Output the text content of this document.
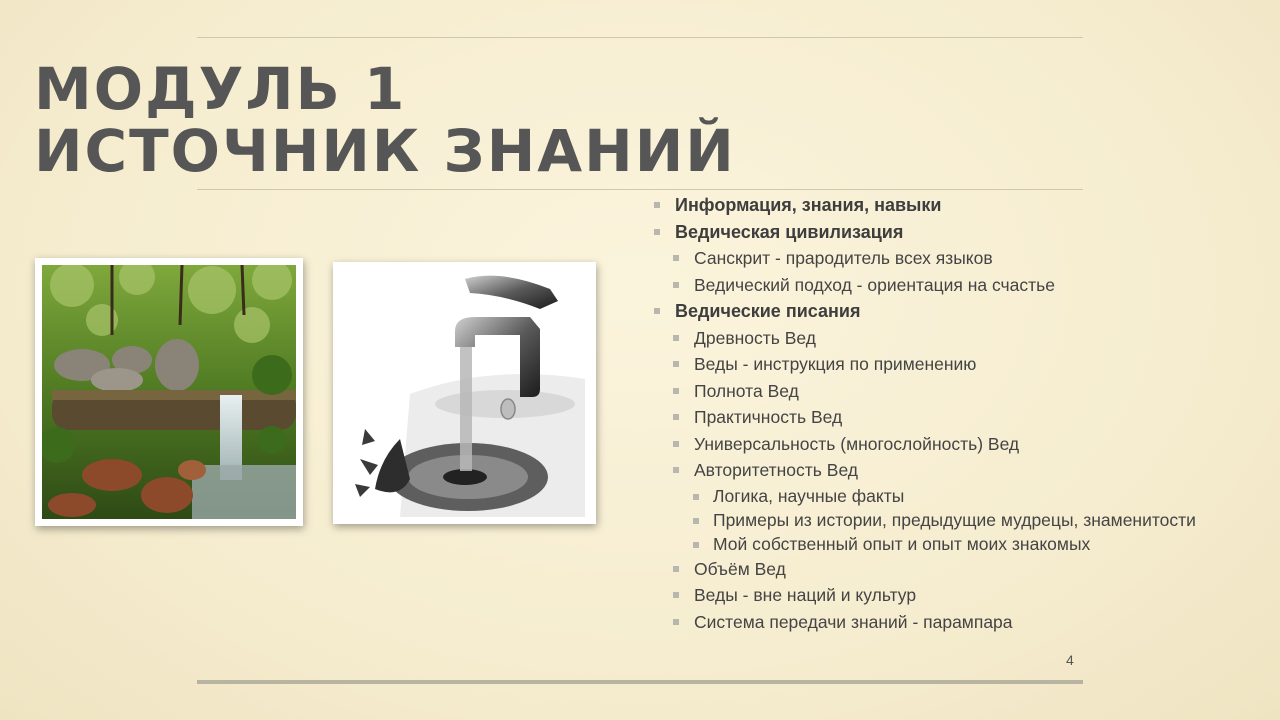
МОДУЛЬ 1
ИСТОЧНИК ЗНАНИЙ
Информация, знания, навыки
Ведическая цивилизация
Санскрит - прародитель всех языков
Ведический подход - ориентация на счастье
Ведические писания
Древность Вед
Веды - инструкция по применению
Полнота Вед
Практичность Вед
Универсальность (многослойность) Вед
Авторитетность Вед
Логика, научные факты
Примеры из истории, предыдущие мудрецы, знаменитости
Мой собственный опыт и опыт моих знакомых
Объём Вед
Веды - вне наций и культур
Система передачи знаний - парампара
4
